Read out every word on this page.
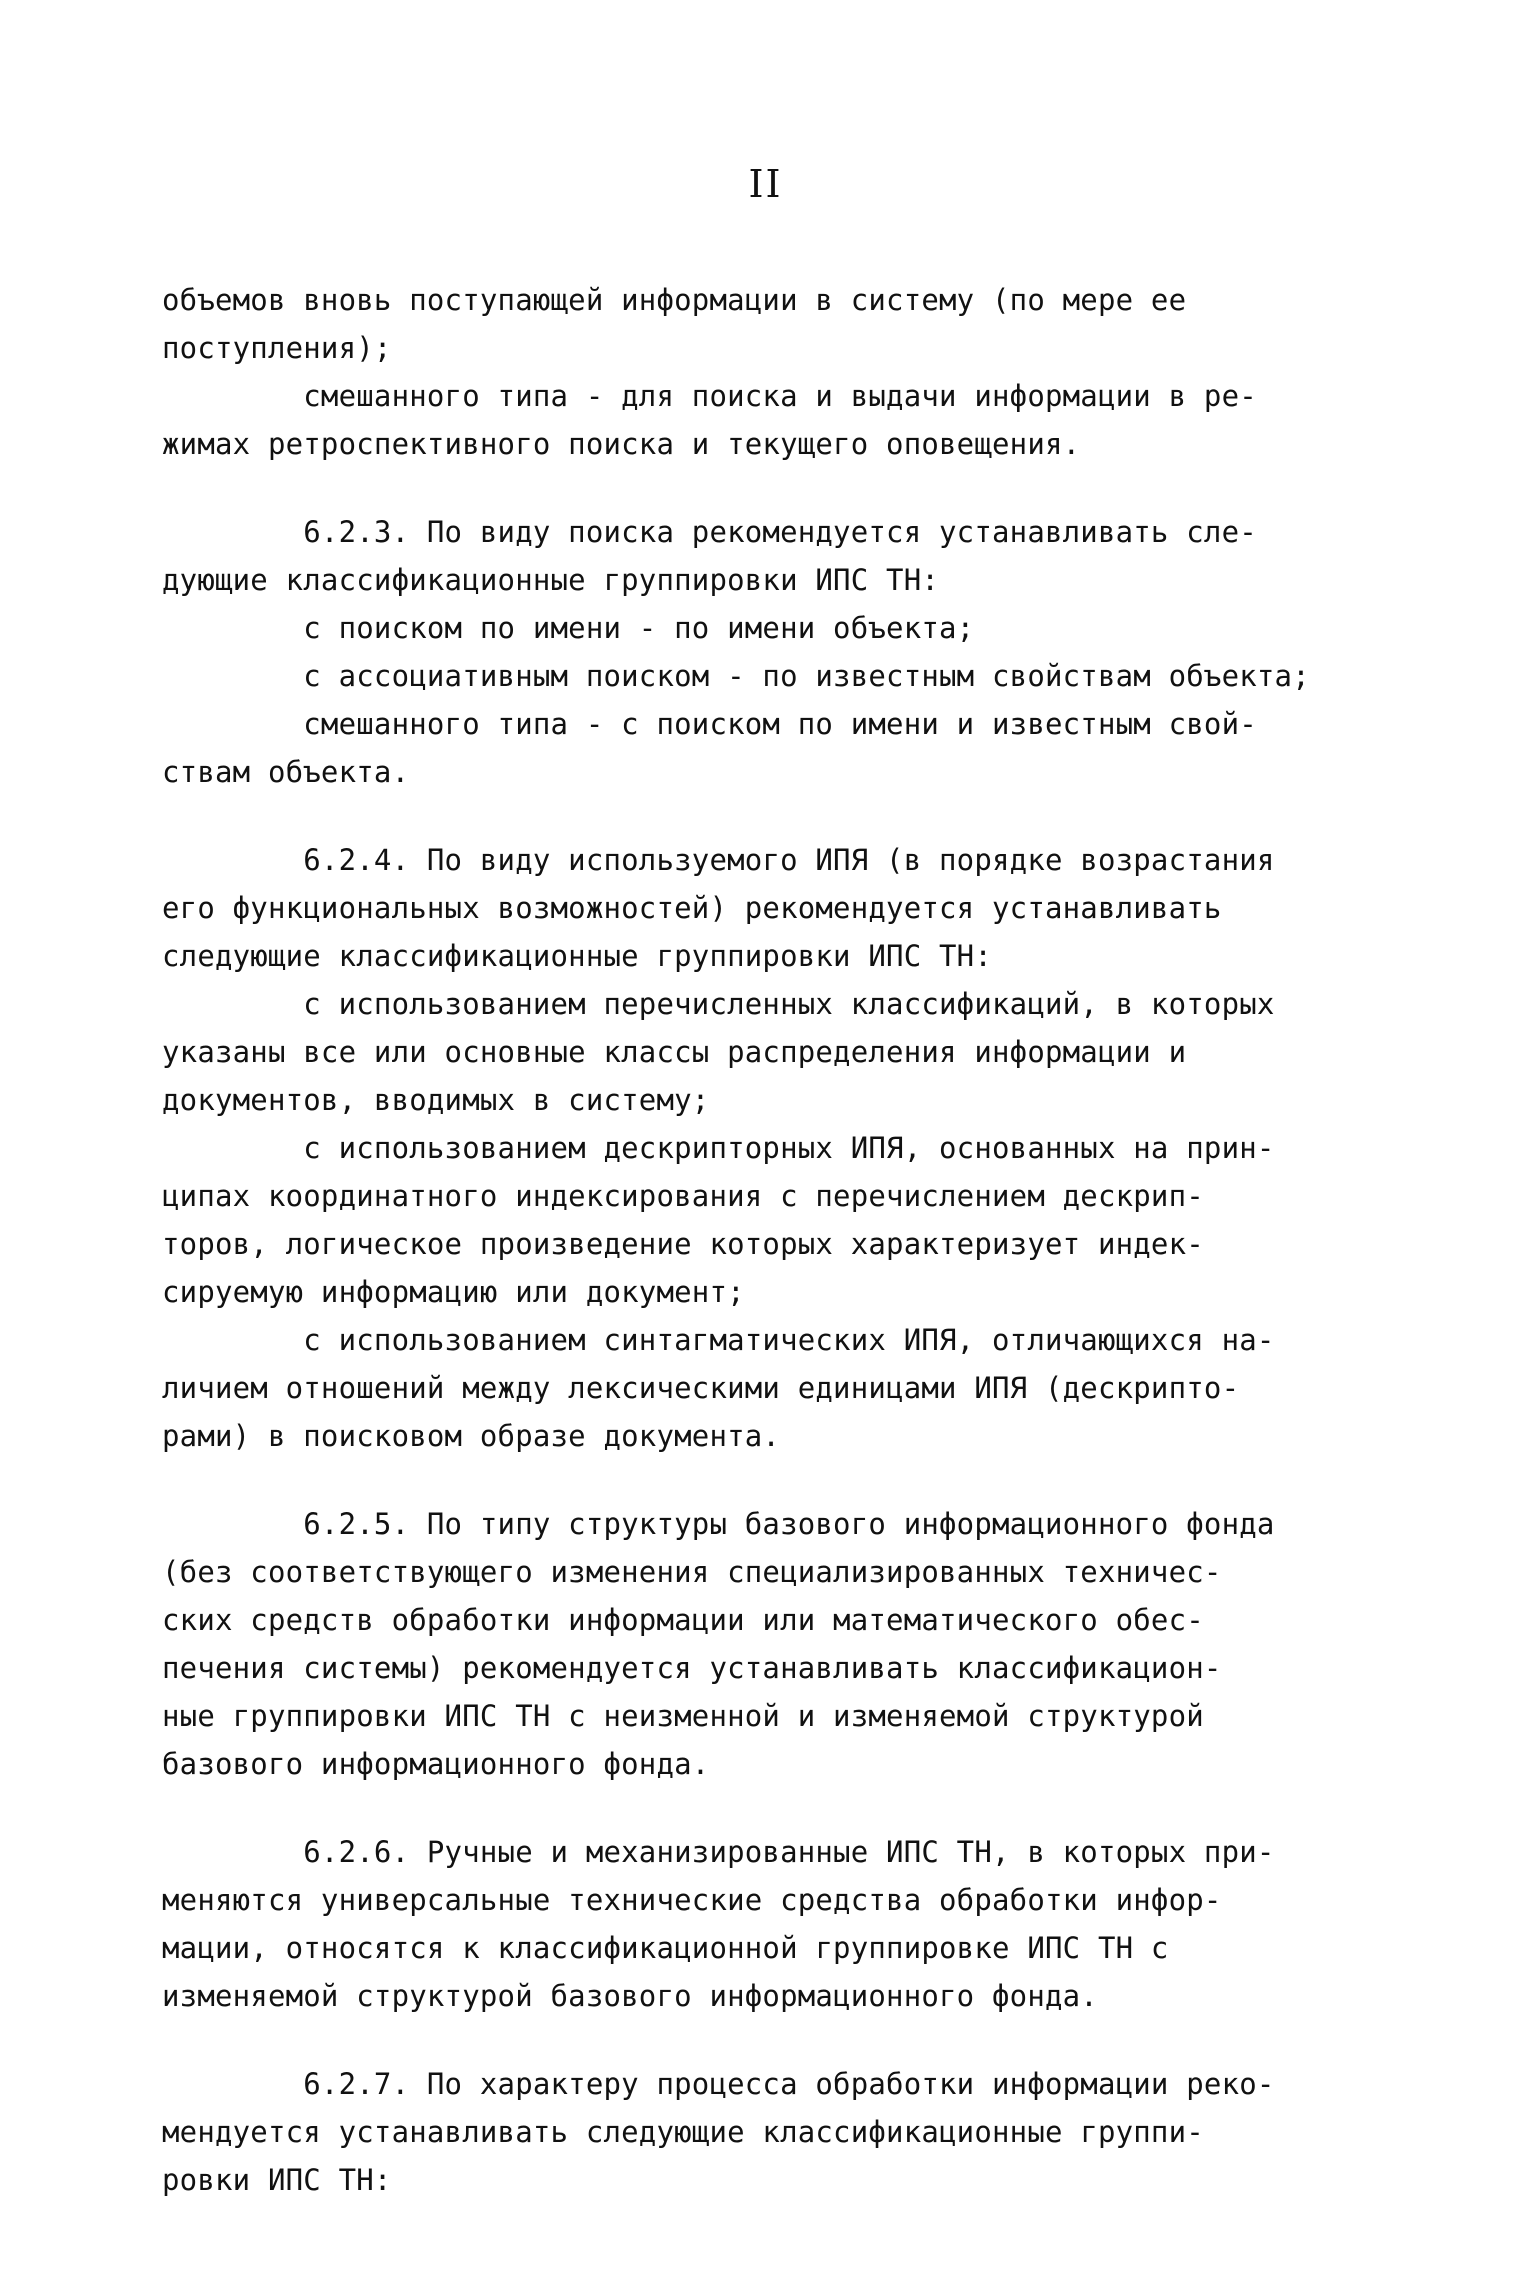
II
объемов вновь поступающей информации в систему (по мере ее
поступления);
смешанного типа - для поиска и выдачи информации в ре-
жимах ретроспективного поиска и текущего оповещения.
6.2.3. По виду поиска рекомендуется устанавливать сле-
дующие классификационные группировки ИПС ТН:
с поиском по имени - по имени объекта;
с ассоциативным поиском - по известным свойствам объекта;
смешанного типа - с поиском по имени и известным свой-
ствам объекта.
6.2.4. По виду используемого ИПЯ (в порядке возрастания
его функциональных возможностей) рекомендуется устанавливать
следующие классификационные группировки ИПС ТН:
с использованием перечисленных классификаций, в которых
указаны все или основные классы распределения информации и
документов, вводимых в систему;
с использованием дескрипторных ИПЯ, основанных на прин-
ципах координатного индексирования с перечислением дескрип-
торов, логическое произведение которых характеризует индек-
сируемую информацию или документ;
с использованием синтагматических ИПЯ, отличающихся на-
личием отношений между лексическими единицами ИПЯ (дескрипто-
рами) в поисковом образе документа.
6.2.5. По типу структуры базового информационного фонда
(без соответствующего изменения специализированных техничес-
ских средств обработки информации или математического обес-
печения системы) рекомендуется устанавливать классификацион-
ные группировки ИПС ТН с неизменной и изменяемой структурой
базового информационного фонда.
6.2.6. Ручные и механизированные ИПС ТН, в которых при-
меняются универсальные технические средства обработки инфор-
мации, относятся к классификационной группировке ИПС ТН с
изменяемой структурой базового информационного фонда.
6.2.7. По характеру процесса обработки информации реко-
мендуется устанавливать следующие классификационные группи-
ровки ИПС ТН:
